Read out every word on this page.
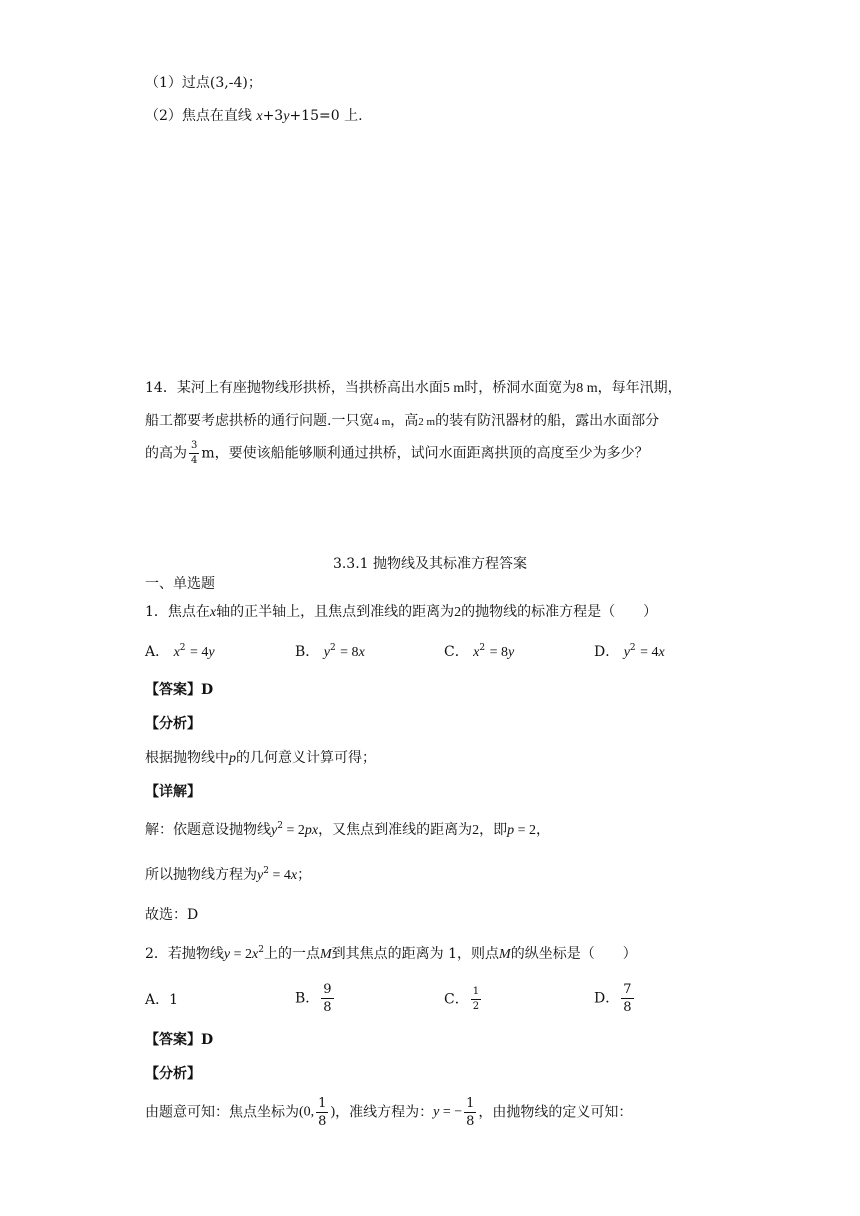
（1）过点(3,-4)；
（2）焦点在直线 x+3y+15=0 上.
14．某河上有座抛物线形拱桥，当拱桥高出水面5 m时，桥洞水面宽为8 m，每年汛期，
船工都要考虑拱桥的通行问题.一只宽4 m，高2 m的装有防汛器材的船，露出水面部分
的高为 $\frac{3}{4}$ m，要使该船能够顺利通过拱桥，试问水面距离拱顶的高度至少为多少？
3.3.1 抛物线及其标准方程答案
一、单选题
1．焦点在x轴的正半轴上，且焦点到准线的距离为2的抛物线的标准方程是（　　）
A． $x^2 = 4y$	B． $y^2 = 8x$	C． $x^2 = 8y$	D． $y^2 = 4x$
【答案】D
【分析】
根据抛物线中p的几何意义计算可得；
【详解】
解：依题意设抛物线$y^2 = 2px$，又焦点到准线的距离为2，即p = 2，
所以抛物线方程为$y^2 = 4x$；
故选：D
2．若抛物线$y = 2x^2$上的一点M到其焦点的距离为 1，则点M的纵坐标是（　　）
A．1	B． $\frac{9}{8}$	C． $\frac{1}{2}$	D． $\frac{7}{8}$
【答案】D
【分析】
由题意可知：焦点坐标为(0, $\frac{1}{8}$ )，准线方程为：y = − $\frac{1}{8}$ ，由抛物线的定义可知：
